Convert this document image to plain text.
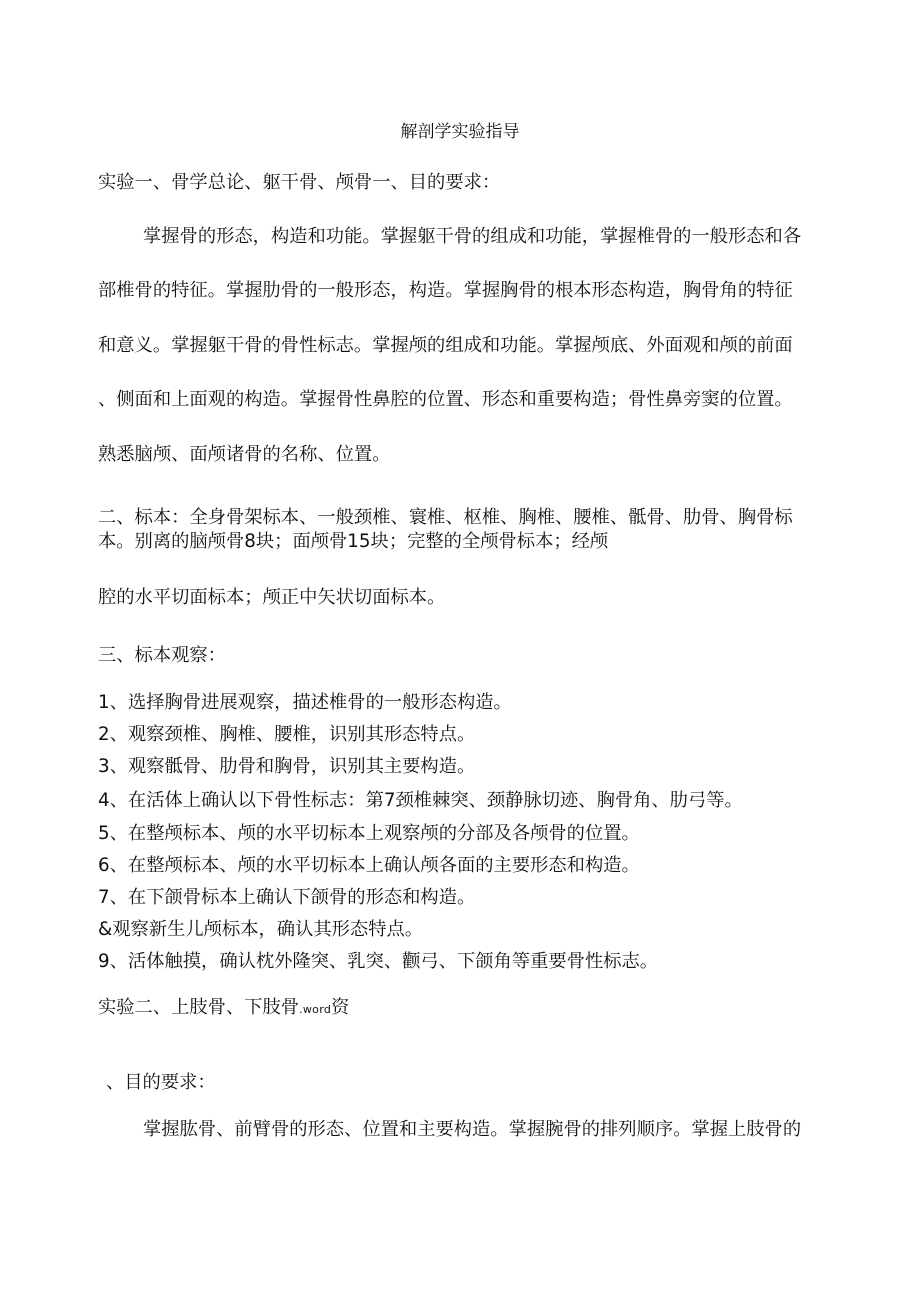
解剖学实验指导
实验一、骨学总论、躯干骨、颅骨一、目的要求：
掌握骨的形态，构造和功能。掌握躯干骨的组成和功能，掌握椎骨的一般形态和各
部椎骨的特征。掌握肋骨的一般形态，构造。掌握胸骨的根本形态构造，胸骨角的特征
和意义。掌握躯干骨的骨性标志。掌握颅的组成和功能。掌握颅底、外面观和颅的前面
、侧面和上面观的构造。掌握骨性鼻腔的位置、形态和重要构造；骨性鼻旁窦的位置。
熟悉脑颅、面颅诸骨的名称、位置。
二、标本：全身骨架标本、一般颈椎、寰椎、枢椎、胸椎、腰椎、骶骨、肋骨、胸骨标
本。别离的脑颅骨8块；面颅骨15块；完整的全颅骨标本；经颅
腔的水平切面标本；颅正中矢状切面标本。
三、标本观察：
1、选择胸骨进展观察，描述椎骨的一般形态构造。
2、观察颈椎、胸椎、腰椎，识别其形态特点。
3、观察骶骨、肋骨和胸骨，识别其主要构造。
4、在活体上确认以下骨性标志：第7颈椎棘突、颈静脉切迹、胸骨角、肋弓等。
5、在整颅标本、颅的水平切标本上观察颅的分部及各颅骨的位置。
6、在整颅标本、颅的水平切标本上确认颅各面的主要形态和构造。
7、在下颌骨标本上确认下颌骨的形态和构造。
&观察新生儿颅标本，确认其形态特点。
9、活体触摸，确认枕外隆突、乳突、颧弓、下颌角等重要骨性标志。
实验二、上肢骨、下肢骨.word资
、目的要求：
掌握肱骨、前臂骨的形态、位置和主要构造。掌握腕骨的排列顺序。掌握上肢骨的
